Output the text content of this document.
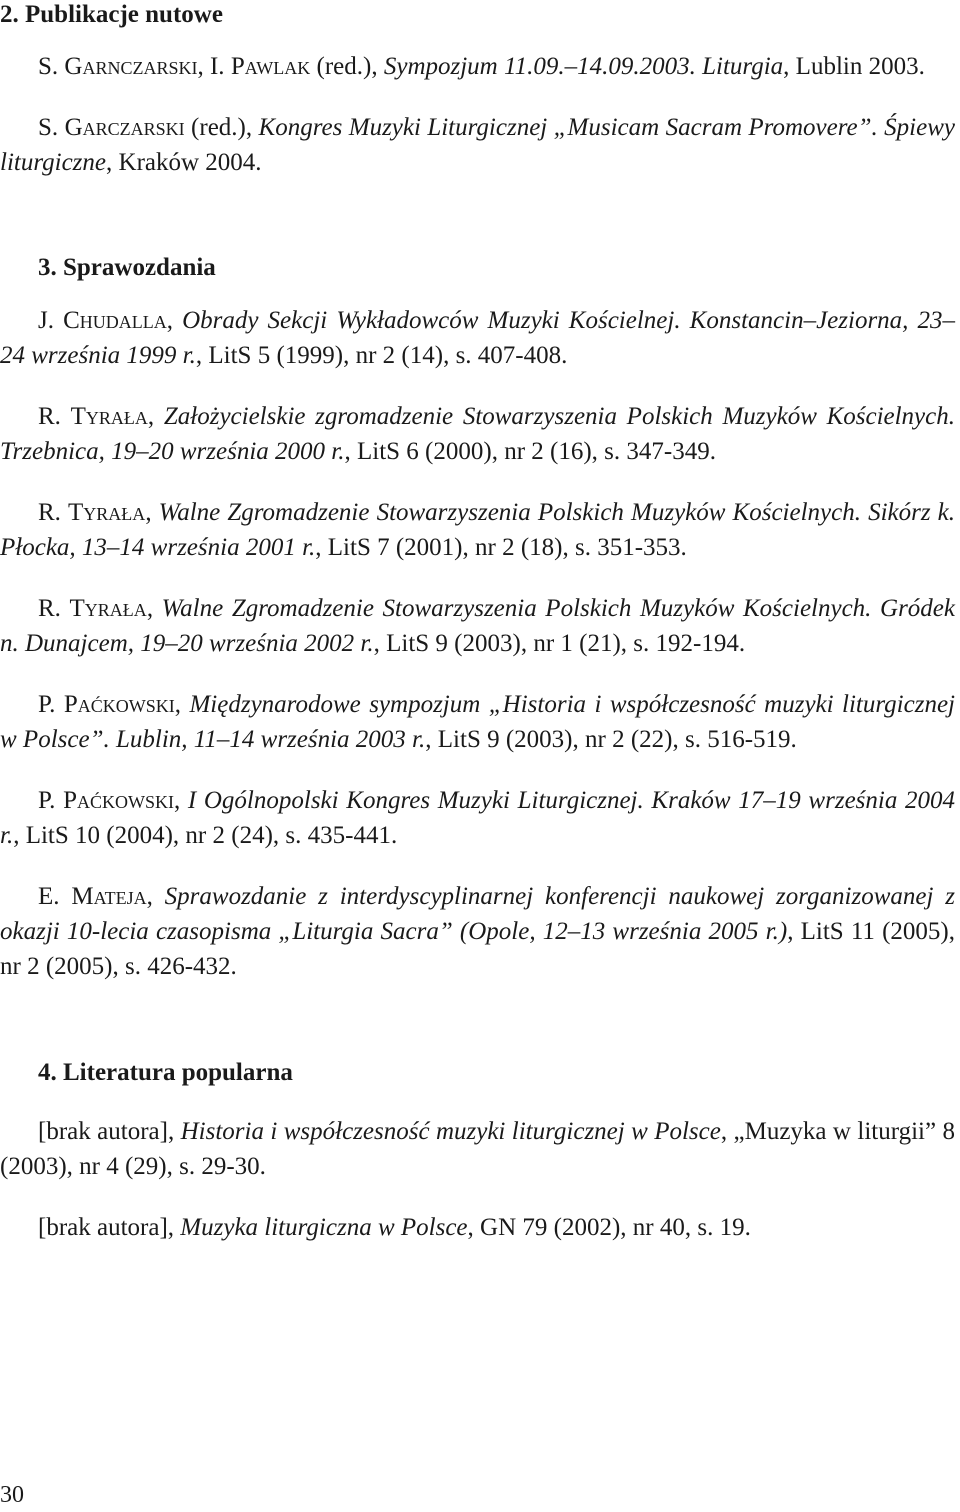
2. Publikacje nutowe

S. Garnczarski, I. Pawlak (red.), Sympozjum 11.09.–14.09.2003. Liturgia, Lublin 2003.

S. Garczarski (red.), Kongres Muzyki Liturgicznej „Musicam Sacram Promovere”. Śpiewy liturgiczne, Kraków 2004.

3. Sprawozdania

J. Chudalla, Obrady Sekcji Wykładowców Muzyki Kościelnej. Konstancin–Jeziorna, 23–24 września 1999 r., LitS 5 (1999), nr 2 (14), s. 407-408.

R. Tyrała, Założycielskie zgromadzenie Stowarzyszenia Polskich Muzyków Kościelnych. Trzebnica, 19–20 września 2000 r., LitS 6 (2000), nr 2 (16), s. 347-349.

R. Tyrała, Walne Zgromadzenie Stowarzyszenia Polskich Muzyków Kościelnych. Sikórz k. Płocka, 13–14 września 2001 r., LitS 7 (2001), nr 2 (18), s. 351-353.

R. Tyrała, Walne Zgromadzenie Stowarzyszenia Polskich Muzyków Kościelnych. Gródek n. Dunajcem, 19–20 września 2002 r., LitS 9 (2003), nr 1 (21), s. 192-194.

P. Paćkowski, Międzynarodowe sympozjum „Historia i współczesność muzyki liturgicznej w Polsce”. Lublin, 11–14 września 2003 r., LitS 9 (2003), nr 2 (22), s. 516-519.

P. Paćkowski, I Ogólnopolski Kongres Muzyki Liturgicznej. Kraków 17–19 września 2004 r., LitS 10 (2004), nr 2 (24), s. 435-441.

E. Mateja, Sprawozdanie z interdyscyplinarnej konferencji naukowej zorganizowanej z okazji 10-lecia czasopisma „Liturgia Sacra” (Opole, 12–13 września 2005 r.), LitS 11 (2005), nr 2 (2005), s. 426-432.

4. Literatura popularna

[brak autora], Historia i współczesność muzyki liturgicznej w Polsce, „Muzyka w liturgii” 8 (2003), nr 4 (29), s. 29-30.

[brak autora], Muzyka liturgiczna w Polsce, GN 79 (2002), nr 40, s. 19.

30
